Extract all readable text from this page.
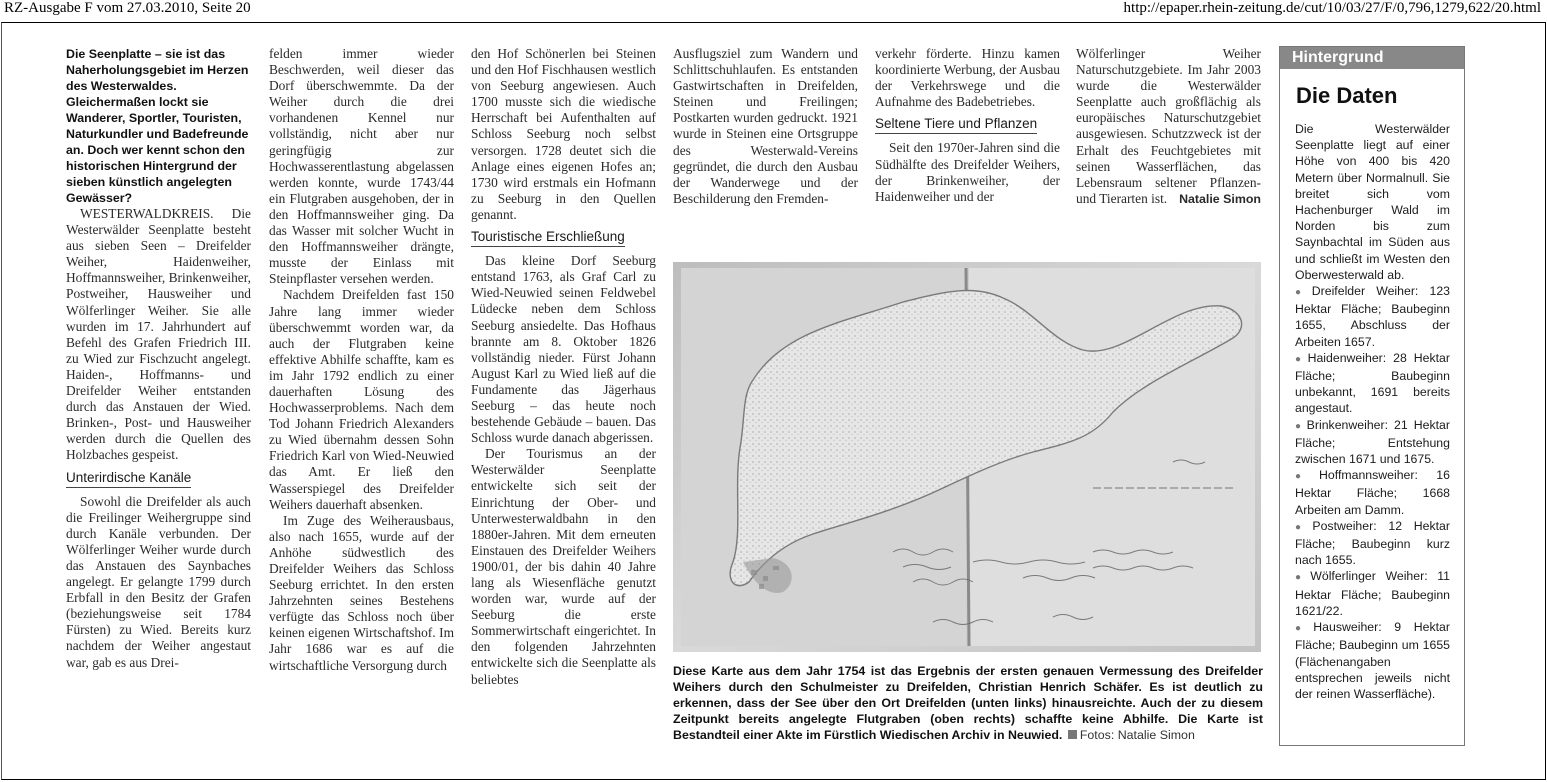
RZ-Ausgabe F vom 27.03.2010, Seite 20	http://epaper.rhein-zeitung.de/cut/10/03/27/F/0,796,1279,622/20.html

Die Seenplatte – sie ist das Naherholungsgebiet im Herzen des Westerwaldes. Gleichermaßen lockt sie Wanderer, Sportler, Touristen, Naturkundler und Badefreunde an. Doch wer kennt schon den historischen Hintergrund der sieben künstlich angelegten Gewässer?

WESTERWALDKREIS. Die Westerwälder Seenplatte besteht aus sieben Seen – Dreifelder Weiher, Haidenweiher, Hoffmannsweiher, Brinkenweiher, Postweiher, Hausweiher und Wölferlinger Weiher. Sie alle wurden im 17. Jahrhundert auf Befehl des Grafen Friedrich III. zu Wied zur Fischzucht angelegt. Haiden-, Hoffmanns- und Dreifelder Weiher entstanden durch das Anstauen der Wied. Brinken-, Post- und Hausweiher werden durch die Quellen des Holzbaches gespeist.

Unterirdische Kanäle

Sowohl die Dreifelder als auch die Freilinger Weihergruppe sind durch Kanäle verbunden. Der Wölferlinger Weiher wurde durch das Anstauen des Saynbaches angelegt. Er gelangte 1799 durch Erbfall in den Besitz der Grafen (beziehungsweise seit 1784 Fürsten) zu Wied. Bereits kurz nachdem der Weiher angestaut war, gab es aus Drei-

felden immer wieder Beschwerden, weil dieser das Dorf überschwemmte. Da der Weiher durch die drei vorhandenen Kennel nur vollständig, nicht aber nur geringfügig zur Hochwasserentlastung abgelassen werden konnte, wurde 1743/44 ein Flutgraben ausgehoben, der in den Hoffmannsweiher ging. Da das Wasser mit solcher Wucht in den Hoffmannsweiher drängte, musste der Einlass mit Steinpflaster versehen werden.

Nachdem Dreifelden fast 150 Jahre lang immer wieder überschwemmt worden war, da auch der Flutgraben keine effektive Abhilfe schaffte, kam es im Jahr 1792 endlich zu einer dauerhaften Lösung des Hochwasserproblems. Nach dem Tod Johann Friedrich Alexanders zu Wied übernahm dessen Sohn Friedrich Karl von Wied-Neuwied das Amt. Er ließ den Wasserspiegel des Dreifelder Weihers dauerhaft absenken.

Im Zuge des Weiherausbaus, also nach 1655, wurde auf der Anhöhe südwestlich des Dreifelder Weihers das Schloss Seeburg errichtet. In den ersten Jahrzehnten seines Bestehens verfügte das Schloss noch über keinen eigenen Wirtschaftshof. Im Jahr 1686 war es auf die wirtschaftliche Versorgung durch

den Hof Schönerlen bei Steinen und den Hof Fischhausen westlich von Seeburg angewiesen. Auch 1700 musste sich die wiedische Herrschaft bei Aufenthalten auf Schloss Seeburg noch selbst versorgen. 1728 deutet sich die Anlage eines eigenen Hofes an; 1730 wird erstmals ein Hofmann zu Seeburg in den Quellen genannt.

Touristische Erschließung

Das kleine Dorf Seeburg entstand 1763, als Graf Carl zu Wied-Neuwied seinen Feldwebel Lüdecke neben dem Schloss Seeburg ansiedelte. Das Hofhaus brannte am 8. Oktober 1826 vollständig nieder. Fürst Johann August Karl zu Wied ließ auf die Fundamente das Jägerhaus Seeburg – das heute noch bestehende Gebäude – bauen. Das Schloss wurde danach abgerissen.

Der Tourismus an der Westerwälder Seenplatte entwickelte sich seit der Einrichtung der Ober- und Unterwesterwaldbahn in den 1880er-Jahren. Mit dem erneuten Einstauen des Dreifelder Weihers 1900/01, der bis dahin 40 Jahre lang als Wiesenfläche genutzt worden war, wurde auf der Seeburg die erste Sommerwirtschaft eingerichtet. In den folgenden Jahrzehnten entwickelte sich die Seenplatte als beliebtes

Ausflugsziel zum Wandern und Schlittschuhlaufen. Es entstanden Gastwirtschaften in Dreifelden, Steinen und Freilingen; Postkarten wurden gedruckt. 1921 wurde in Steinen eine Ortsgruppe des Westerwald-Vereins gegründet, die durch den Ausbau der Wanderwege und der Beschilderung den Fremden-

verkehr förderte. Hinzu kamen koordinierte Werbung, der Ausbau der Verkehrswege und die Aufnahme des Badebetriebes.

Seltene Tiere und Pflanzen

Seit den 1970er-Jahren sind die Südhälfte des Dreifelder Weihers, der Brinkenweiher, der Haidenweiher und der

Wölferlinger Weiher Naturschutzgebiete. Im Jahr 2003 wurde die Westerwälder Seenplatte auch großflächig als europäisches Naturschutzgebiet ausgewiesen. Schutzzweck ist der Erhalt des Feuchtgebietes mit seinen Wasserflächen, das Lebensraum seltener Pflanzen- und Tierarten ist. Natalie Simon

Diese Karte aus dem Jahr 1754 ist das Ergebnis der ersten genauen Vermessung des Dreifelder Weihers durch den Schulmeister zu Dreifelden, Christian Henrich Schäfer. Es ist deutlich zu erkennen, dass der See über den Ort Dreifelden (unten links) hinausreichte. Auch der zu diesem Zeitpunkt bereits angelegte Flutgraben (oben rechts) schaffte keine Abhilfe. Die Karte ist Bestandteil einer Akte im Fürstlich Wiedischen Archiv in Neuwied. Fotos: Natalie Simon
Hintergrund
Die Daten

Die Westerwälder Seenplatte liegt auf einer Höhe von 400 bis 420 Metern über Normalnull. Sie breitet sich vom Hachenburger Wald im Norden bis zum Saynbachtal im Süden aus und schließt im Westen den Oberwesterwald ab.

● Dreifelder Weiher: 123 Hektar Fläche; Baubeginn 1655, Abschluss der Arbeiten 1657.

● Haidenweiher: 28 Hektar Fläche; Baubeginn unbekannt, 1691 bereits angestaut.

● Brinkenweiher: 21 Hektar Fläche; Entstehung zwischen 1671 und 1675.

● Hoffmannsweiher: 16 Hektar Fläche; 1668 Arbeiten am Damm.

● Postweiher: 12 Hektar Fläche; Baubeginn kurz nach 1655.

● Wölferlinger Weiher: 11 Hektar Fläche; Baubeginn 1621/22.

● Hausweiher: 9 Hektar Fläche; Baubeginn um 1655 (Flächenangaben entsprechen jeweils nicht der reinen Wasserfläche).
